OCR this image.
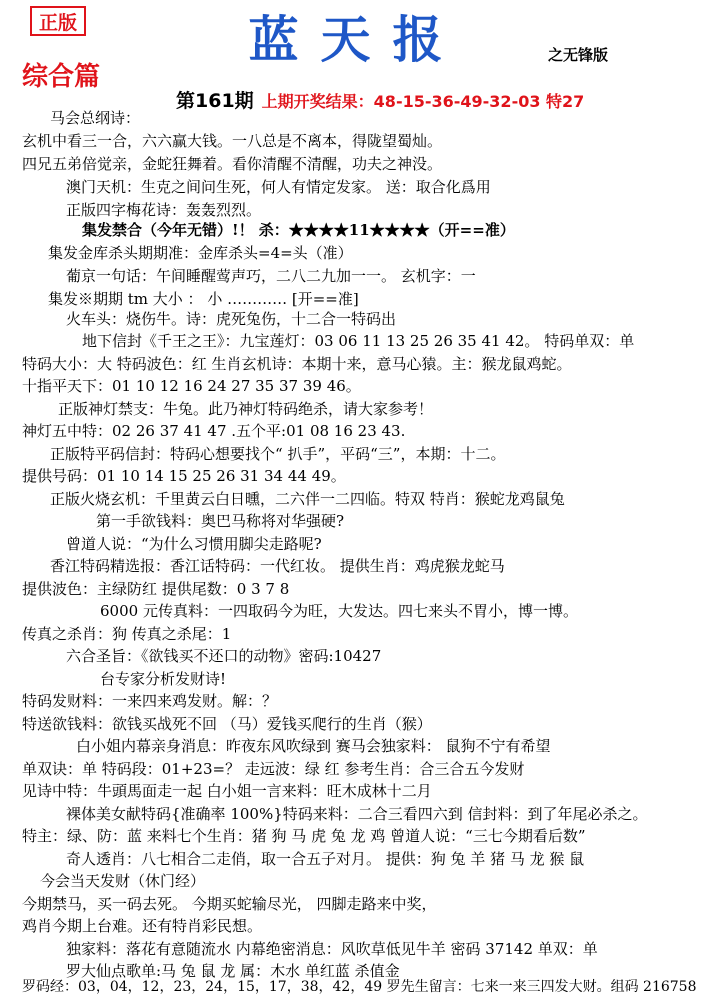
正版	蓝天报	之无锋版
综合篇
第161期 上期开奖结果：48-15-36-49-32-03 特27
马会总纲诗：
玄机中看三一合，六六赢大钱。一八总是不离本，得陇望蜀灿。
四兄五弟倍觉亲，金蛇狂舞着。看你清醒不清醒，功夫之神没。
澳门天机：生克之间问生死，何人有情定发家。 送：取合化爲用
正版四字梅花诗：轰轰烈烈。
集发禁合（今年无错）!！ 杀：★★★★11★★★★（开==准）
集发金库杀头期期准：金库杀头=4=头（准）
葡京一句话：午间睡醒莺声巧，二八二九加一一。 玄机字：一
集发※期期 tm 大小 ： 小 ………… [开==准]
火车头：烧伤牛。诗：虎死兔伤，十二合一特码出
地下信封《千王之王》：九宝莲灯：03 06 11 13 25 26 35 41 42。 特码单双：单
特码大小：大 特码波色：红 生肖玄机诗：本期十来，意马心猿。主：猴龙鼠鸡蛇。
十指平天下：01 10 12 16 24 27 35 37 39 46。
正版神灯禁支：牛兔。此乃神灯特码绝杀，请大家参考！
神灯五中特：02 26 37 41 47 .五个平:01 08 16 23 43.
正版特平码信封：特码心想要找个“ 扒手”，平码“三”，本期：十二。
提供号码：01 10 14 15 25 26 31 34 44 49。
正版火烧玄机：千里黄云白日曛，二六伴一二四临。特双 特肖：猴蛇龙鸡鼠兔
第一手欲钱料：奥巴马称将对华强硬?
曾道人说：“为什么习惯用脚尖走路呢?
香江特码精选报：香江话特码：一代红妆。 提供生肖：鸡虎猴龙蛇马
提供波色：主绿防红 提供尾数：0 3 7 8
6000 元传真料：一四取码今为旺，大发达。四七来头不胃小，博一博。
传真之杀肖：狗 传真之杀尾：1
六合圣旨：《欲钱买不还口的动物》密码:10427
台专家分析发财诗!
特码发财料：一来四来鸡发财。解：？
特送欲钱料：欲钱买战死不回 （马）爱钱买爬行的生肖（猴）
白小姐内幕亲身消息：昨夜东风吹绿到 赛马会独家料： 鼠狗不宁有希望
单双诀：单 特码段：01+23=？ 走远波：绿 红 参考生肖：合三合五今发财
见诗中特：牛頭馬面走一起 白小姐一言来料：旺木成林十二月
裸体美女献特码{准确率 100%}特码来料：二合三看四六到 信封料：到了年尾必杀之。
特主：绿、防：蓝 来料七个生肖：猪 狗 马 虎 兔 龙 鸡 曾道人说：“三七今期看后数”
奇人透肖：八七相合二走俏，取一合五子对月。 提供：狗 兔 羊 猪 马 龙 猴 鼠
今会当天发财（休门经）
今期禁马，买一码去死。 今期买蛇输尽光， 四脚走路来中奖，
鸡肖今期上台难。还有特肖彩民想。
独家料：落花有意随流水 内幕绝密消息：风吹草低见牛羊 密码 37142 单双：单
罗大仙点歌单:马 兔 鼠 龙 属：木水 单红蓝 杀值金
罗码经：03，04，12，23，24，15，17，38，42，49 罗先生留言：七来一来三四发大财。组码 216758
